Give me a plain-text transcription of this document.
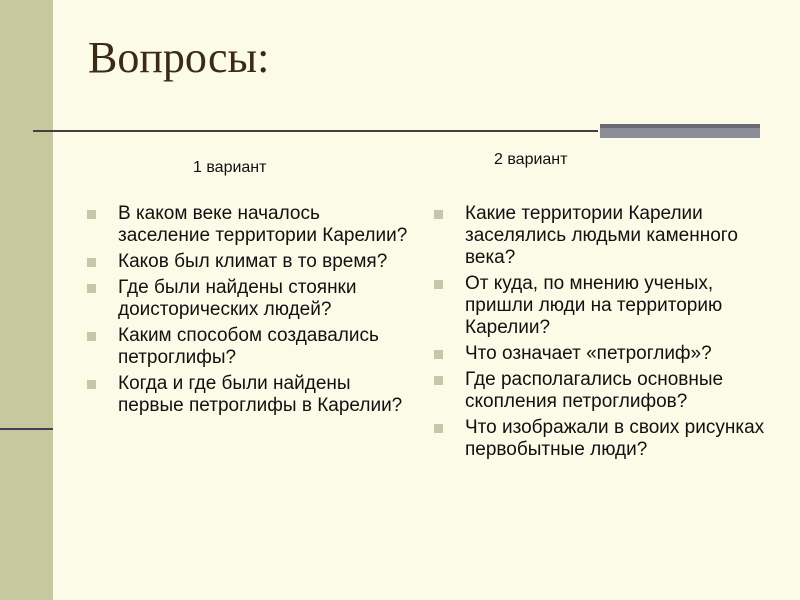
Вопросы:
1 вариант	2 вариант
В каком веке началось заселение территории Карелии?
Каков был климат в то время?
Где были найдены стоянки доисторических людей?
Каким способом создавались петроглифы?
Когда и где были найдены первые петроглифы в Карелии?
Какие территории Карелии заселялись людьми каменного века?
От куда, по мнению ученых, пришли люди на территорию Карелии?
Что означает «петроглиф»?
Где располагались основные скопления петроглифов?
Что изображали в своих рисунках первобытные люди?
